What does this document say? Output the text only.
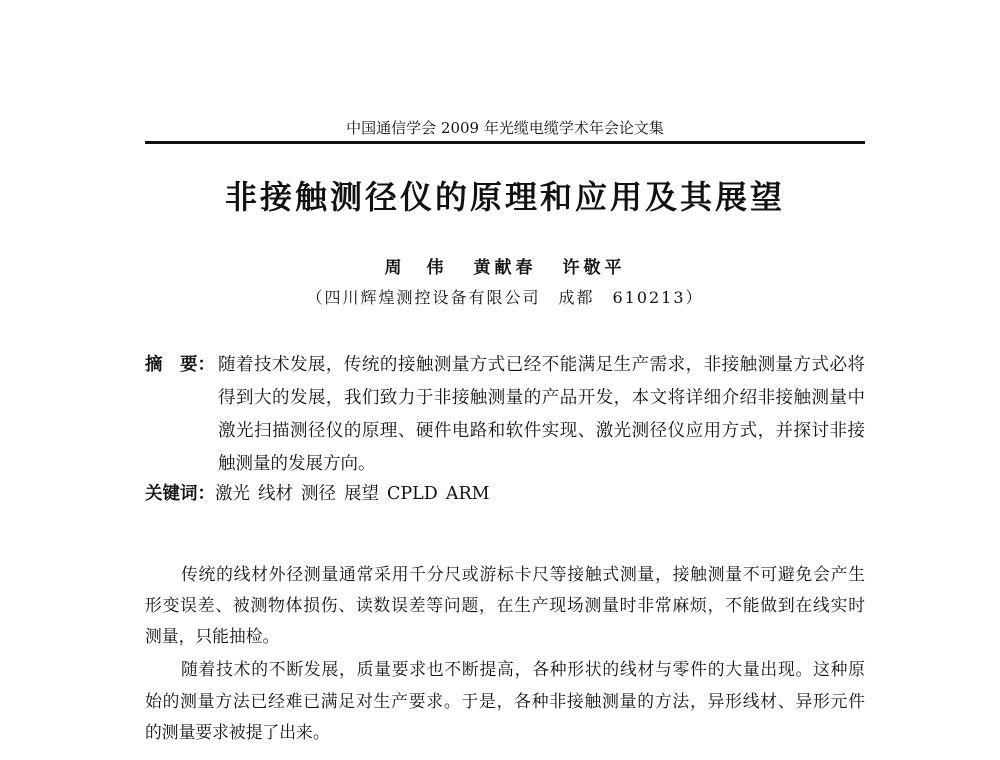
中国通信学会 2009 年光缆电缆学术年会论文集
非接触测径仪的原理和应用及其展望
周　伟 黄献春 许敬平
（四川辉煌测控设备有限公司　成都　610213）
摘　要： 随着技术发展，传统的接触测量方式已经不能满足生产需求，非接触测量方式必将
得到大的发展，我们致力于非接触测量的产品开发，本文将详细介绍非接触测量中
激光扫描测径仪的原理、硬件电路和软件实现、激光测径仪应用方式，并探讨非接
触测量的发展方向。
关键词：激光 线材 测径 展望 CPLD ARM
传统的线材外径测量通常采用千分尺或游标卡尺等接触式测量，接触测量不可避免会产生
形变误差、被测物体损伤、读数误差等问题，在生产现场测量时非常麻烦，不能做到在线实时
测量，只能抽检。
随着技术的不断发展，质量要求也不断提高，各种形状的线材与零件的大量出现。这种原
始的测量方法已经难已满足对生产要求。于是，各种非接触测量的方法，异形线材、异形元件
的测量要求被提了出来。
